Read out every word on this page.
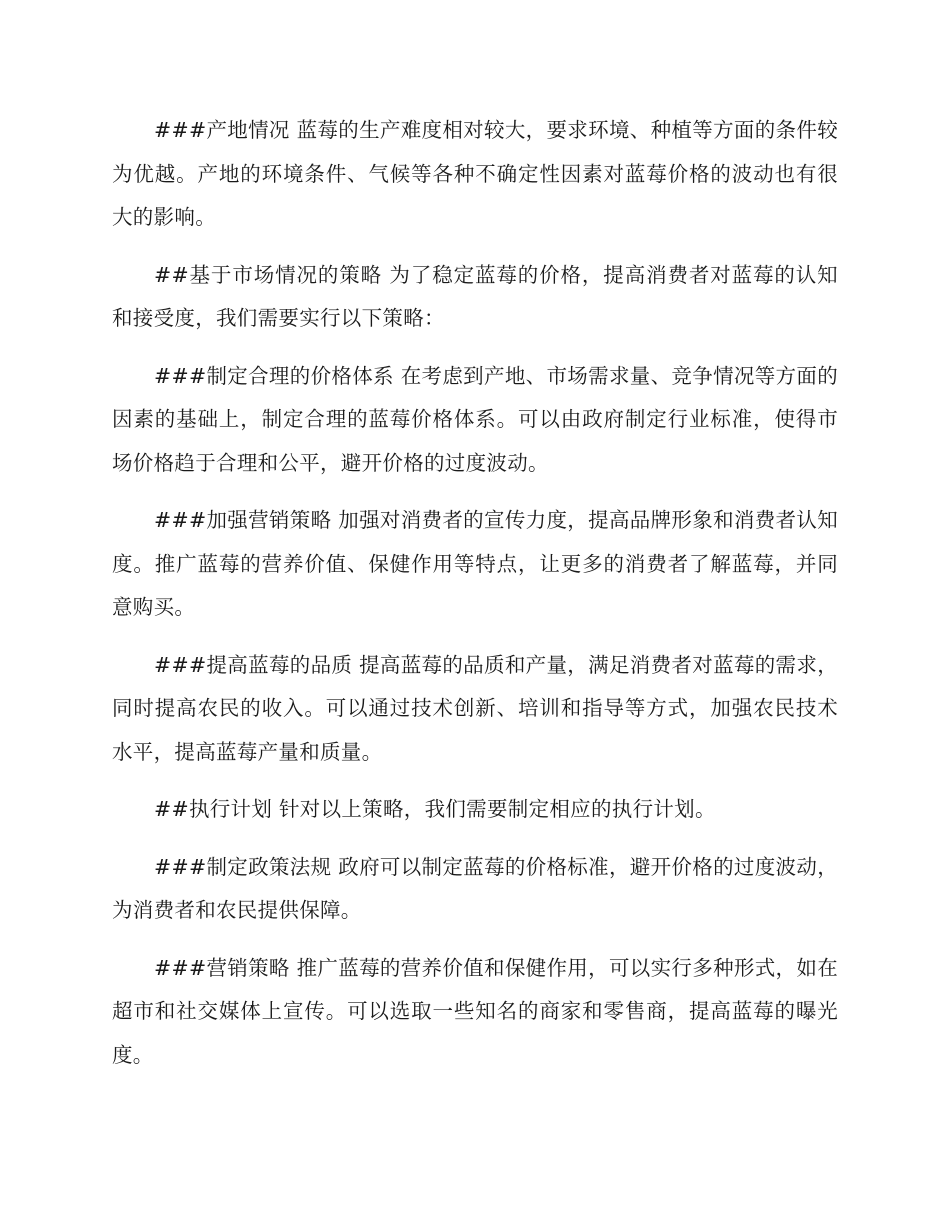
###产地情况 蓝莓的生产难度相对较大，要求环境、种植等方面的条件较为优越。产地的环境条件、气候等各种不确定性因素对蓝莓价格的波动也有很大的影响。

##基于市场情况的策略 为了稳定蓝莓的价格，提高消费者对蓝莓的认知和接受度，我们需要实行以下策略：

###制定合理的价格体系 在考虑到产地、市场需求量、竞争情况等方面的因素的基础上，制定合理的蓝莓价格体系。可以由政府制定行业标准，使得市场价格趋于合理和公平，避开价格的过度波动。

###加强营销策略 加强对消费者的宣传力度，提高品牌形象和消费者认知度。推广蓝莓的营养价值、保健作用等特点，让更多的消费者了解蓝莓，并同意购买。

###提高蓝莓的品质 提高蓝莓的品质和产量，满足消费者对蓝莓的需求，同时提高农民的收入。可以通过技术创新、培训和指导等方式，加强农民技术水平，提高蓝莓产量和质量。

##执行计划 针对以上策略，我们需要制定相应的执行计划。

###制定政策法规 政府可以制定蓝莓的价格标准，避开价格的过度波动，为消费者和农民提供保障。

###营销策略 推广蓝莓的营养价值和保健作用，可以实行多种形式，如在超市和社交媒体上宣传。可以选取一些知名的商家和零售商，提高蓝莓的曝光度。
